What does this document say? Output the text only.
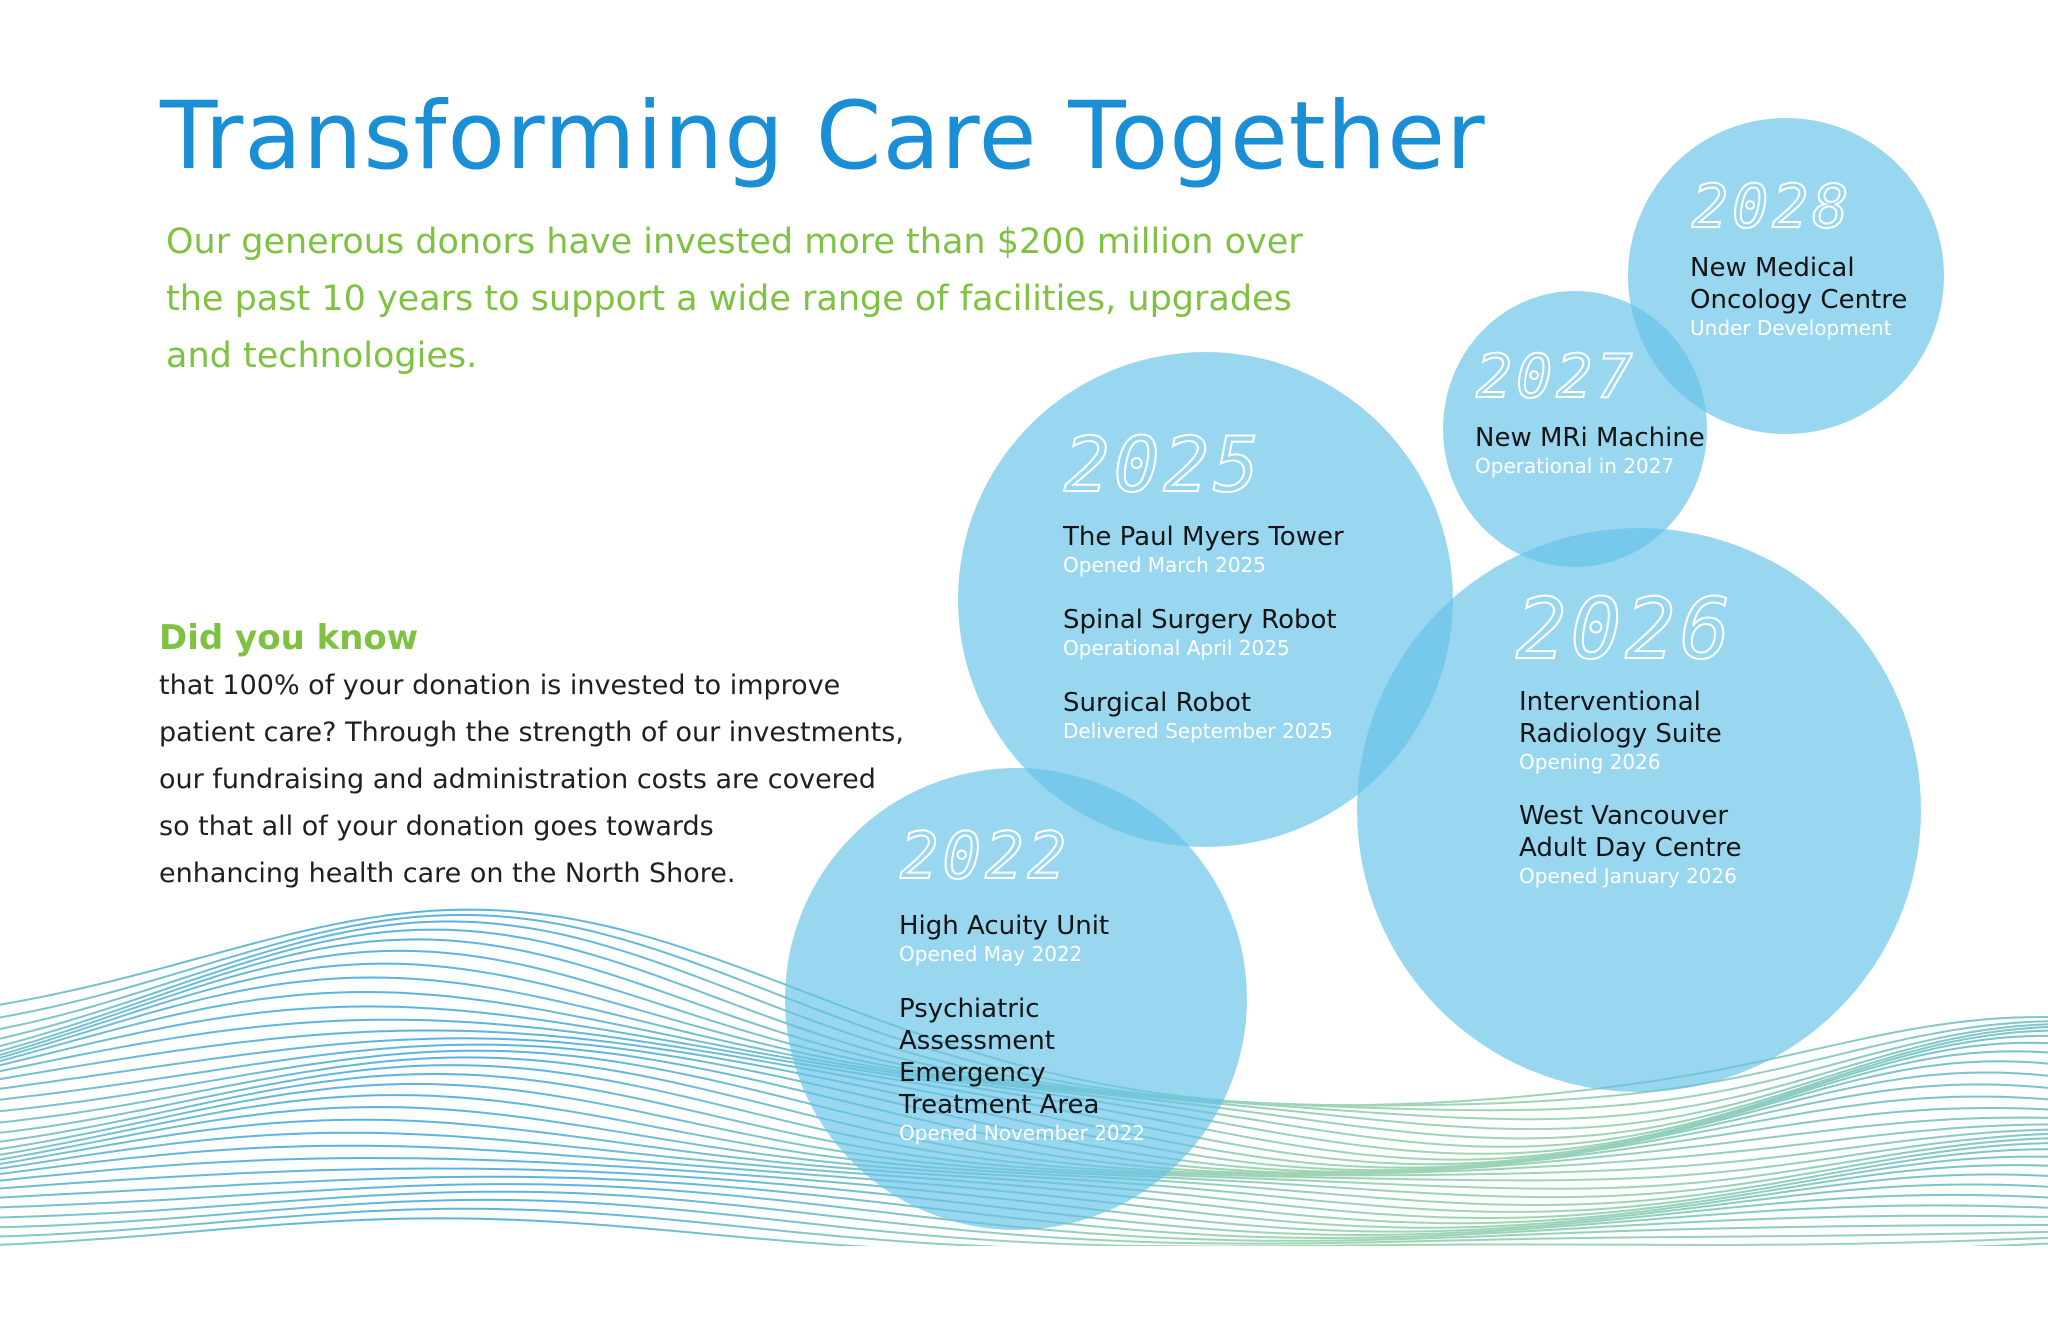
Transforming Care Together

Our generous donors have invested more than $200 million over the past 10 years to support a wide range of facilities, upgrades and technologies.

Did you know

that 100% of your donation is invested to improve
patient care? Through the strength of our investments,
our fundraising and administration costs are covered
so that all of your donation goes towards
enhancing health care on the North Shore.

2028

New Medical
Oncology Centre

Under Development

2027

New MRi Machine

Operational in 2027

2025

The Paul Myers Tower

Opened March 2025

Spinal Surgery Robot

Operational April 2025

Surgical Robot

Delivered September 2025

2026

Interventional
Radiology Suite

Opening 2026

West Vancouver
Adult Day Centre

Opened January 2026

2022

High Acuity Unit

Opened May 2022

Psychiatric
Assessment
Emergency
Treatment Area

Opened November 2022
